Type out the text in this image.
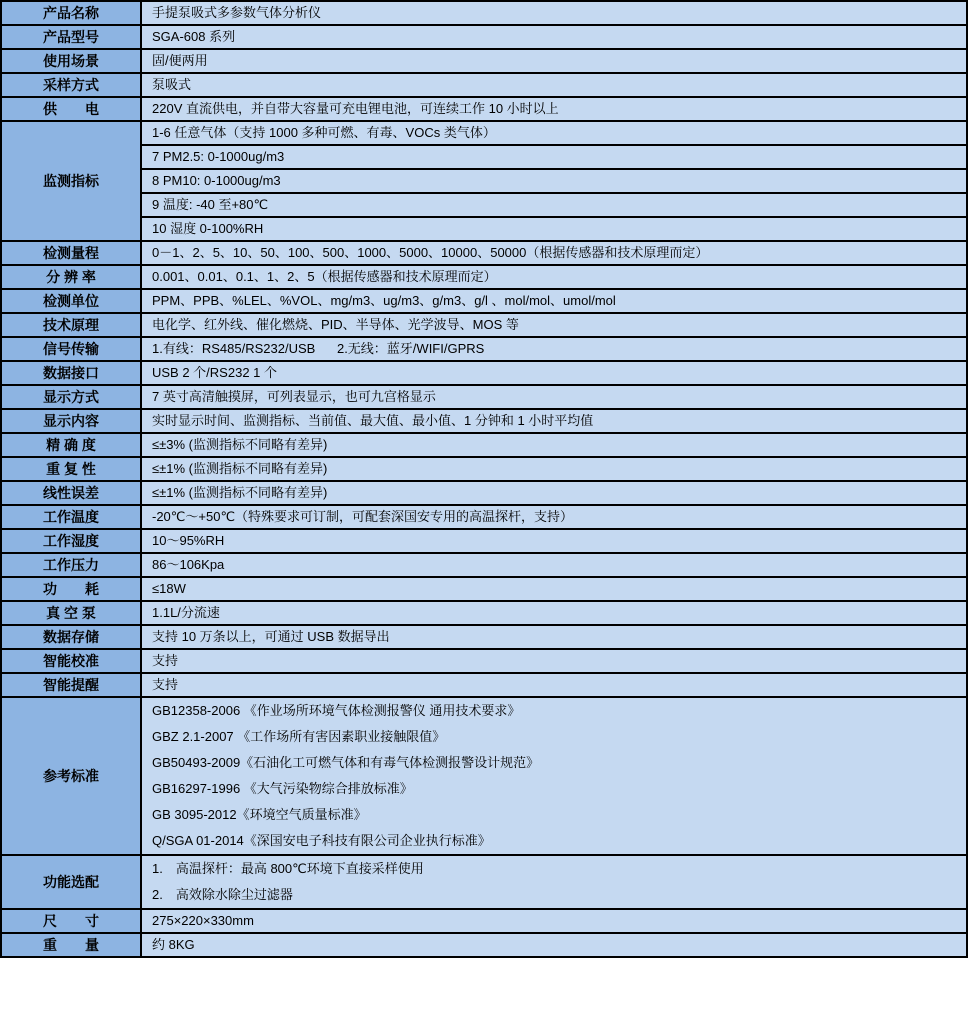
产品名称	手提泵吸式多参数气体分析仪
产品型号	SGA-608 系列
使用场景	固/便两用
采样方式	泵吸式
供　　电	220V 直流供电，并自带大容量可充电锂电池，可连续工作 10 小时以上
监测指标	1-6 任意气体（支持 1000 多种可燃、有毒、VOCs 类气体）
	7 PM2.5: 0-1000ug/m3
	8 PM10: 0-1000ug/m3
	9 温度: -40 至+80℃
	10 湿度 0-100%RH
检测量程	0－1、2、5、10、50、100、500、1000、5000、10000、50000（根据传感器和技术原理而定）
分 辨 率	0.001、0.01、0.1、1、2、5（根据传感器和技术原理而定）
检测单位	PPM、PPB、%LEL、%VOL、mg/m3、ug/m3、g/m3、g/l 、mol/mol、umol/mol
技术原理	电化学、红外线、催化燃烧、PID、半导体、光学波导、MOS 等
信号传输	1.有线：RS485/RS232/USB      2.无线：蓝牙/WIFI/GPRS
数据接口	USB 2 个/RS232 1 个
显示方式	7 英寸高清触摸屏，可列表显示，也可九宫格显示
显示内容	实时显示时间、监测指标、当前值、最大值、最小值、1 分钟和 1 小时平均值
精 确 度	≤±3% (监测指标不同略有差异)
重 复 性	≤±1% (监测指标不同略有差异)
线性误差	≤±1% (监测指标不同略有差异)
工作温度	-20℃～+50℃（特殊要求可订制，可配套深国安专用的高温探杆，支持）
工作湿度	10～95%RH
工作压力	86～106Kpa
功　　耗	≤18W
真 空 泵	1.1L/分流速
数据存储	支持 10 万条以上，可通过 USB 数据导出
智能校准	支持
智能提醒	支持
参考标准	
GB12358-2006 《作业场所环境气体检测报警仪 通用技术要求》
GBZ 2.1-2007 《工作场所有害因素职业接触限值》
GB50493-2009《石油化工可燃气体和有毒气体检测报警设计规范》
GB16297-1996 《大气污染物综合排放标准》
GB 3095-2012《环境空气质量标准》
Q/SGA 01-2014《深国安电子科技有限公司企业执行标准》

功能选配	1.　高温探杆：最高 800℃环境下直接采样使用
2.　高效除水除尘过滤器

尺　　寸	275×220×330mm
重　　量	约 8KG
